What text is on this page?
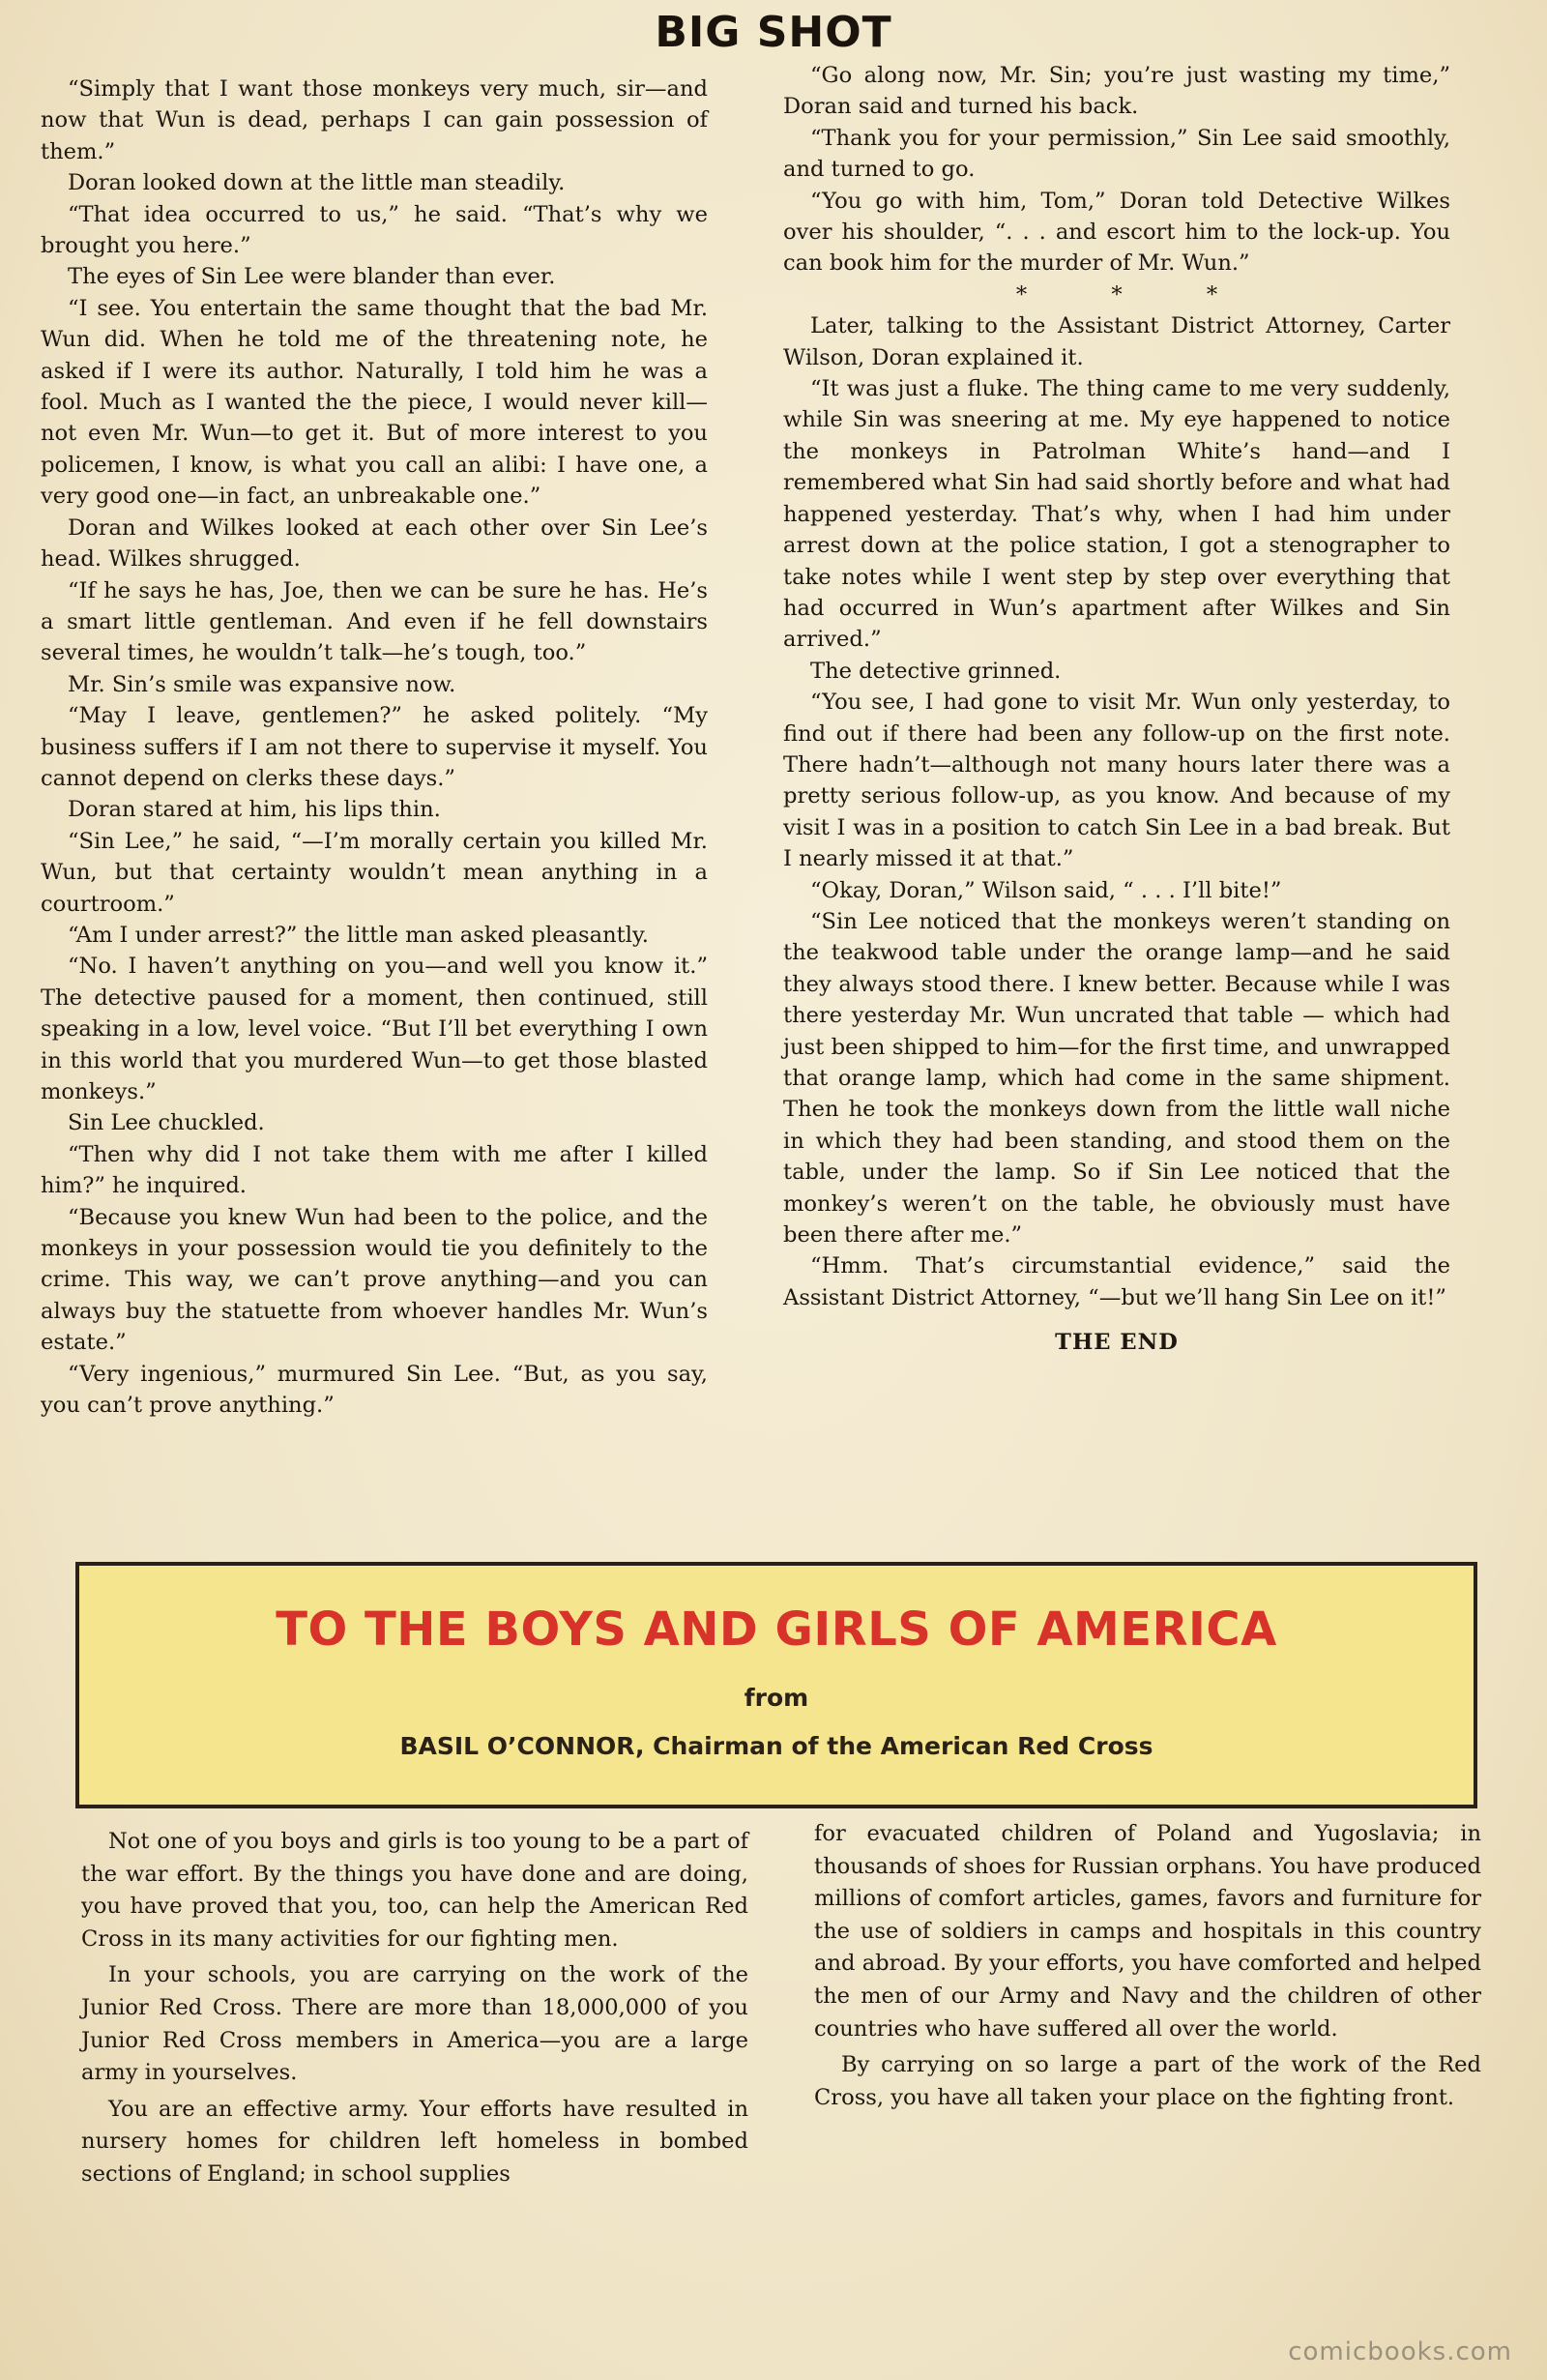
BIG SHOT

“Simply that I want those monkeys very much, sir—and now that Wun is dead, perhaps I can gain possession of them.”

Doran looked down at the little man steadily.

“That idea occurred to us,” he said. “That’s why we brought you here.”

The eyes of Sin Lee were blander than ever.

“I see. You entertain the same thought that the bad Mr. Wun did. When he told me of the threatening note, he asked if I were its author. Naturally, I told him he was a fool. Much as I wanted the the piece, I would never kill—not even Mr. Wun—to get it. But of more interest to you policemen, I know, is what you call an alibi: I have one, a very good one—in fact, an unbreakable one.”

Doran and Wilkes looked at each other over Sin Lee’s head. Wilkes shrugged.

“If he says he has, Joe, then we can be sure he has. He’s a smart little gentleman. And even if he fell downstairs several times, he wouldn’t talk—he’s tough, too.”

Mr. Sin’s smile was expansive now.

“May I leave, gentlemen?” he asked politely. “My business suffers if I am not there to supervise it myself. You cannot depend on clerks these days.”

Doran stared at him, his lips thin.

“Sin Lee,” he said, “—I’m morally certain you killed Mr. Wun, but that certainty wouldn’t mean anything in a courtroom.”

“Am I under arrest?” the little man asked pleasantly.

“No. I haven’t anything on you—and well you know it.” The detective paused for a moment, then continued, still speaking in a low, level voice. “But I’ll bet everything I own in this world that you murdered Wun—to get those blasted monkeys.”

Sin Lee chuckled.

“Then why did I not take them with me after I killed him?” he inquired.

“Because you knew Wun had been to the police, and the monkeys in your possession would tie you definitely to the crime. This way, we can’t prove anything—and you can always buy the statuette from whoever handles Mr. Wun’s estate.”

“Very ingenious,” murmured Sin Lee. “But, as you say, you can’t prove anything.”

“Go along now, Mr. Sin; you’re just wasting my time,” Doran said and turned his back.

“Thank you for your permission,” Sin Lee said smoothly, and turned to go.

“You go with him, Tom,” Doran told Detective Wilkes over his shoulder, “. . . and escort him to the lock-up. You can book him for the murder of Mr. Wun.”

* * *

Later, talking to the Assistant District Attorney, Carter Wilson, Doran explained it.

“It was just a fluke. The thing came to me very suddenly, while Sin was sneering at me. My eye happened to notice the monkeys in Patrolman White’s hand—and I remembered what Sin had said shortly before and what had happened yesterday. That’s why, when I had him under arrest down at the police station, I got a stenographer to take notes while I went step by step over everything that had occurred in Wun’s apartment after Wilkes and Sin arrived.”

The detective grinned.

“You see, I had gone to visit Mr. Wun only yesterday, to find out if there had been any follow-up on the first note. There hadn’t—although not many hours later there was a pretty serious follow-up, as you know. And because of my visit I was in a position to catch Sin Lee in a bad break. But I nearly missed it at that.”

“Okay, Doran,” Wilson said, “ . . . I’ll bite!”

“Sin Lee noticed that the monkeys weren’t standing on the teakwood table under the orange lamp—and he said they always stood there. I knew better. Because while I was there yesterday Mr. Wun uncrated that table — which had just been shipped to him—for the first time, and unwrapped that orange lamp, which had come in the same shipment. Then he took the monkeys down from the little wall niche in which they had been standing, and stood them on the table, under the lamp. So if Sin Lee noticed that the monkey’s weren’t on the table, he obviously must have been there after me.”

“Hmm. That’s circumstantial evidence,” said the Assistant District Attorney, “—but we’ll hang Sin Lee on it!”

THE END

TO THE BOYS AND GIRLS OF AMERICA
from
BASIL O’CONNOR, Chairman of the American Red Cross

Not one of you boys and girls is too young to be a part of the war effort. By the things you have done and are doing, you have proved that you, too, can help the American Red Cross in its many activities for our fighting men.

In your schools, you are carrying on the work of the Junior Red Cross. There are more than 18,000,000 of you Junior Red Cross members in America—you are a large army in yourselves.

You are an effective army. Your efforts have resulted in nursery homes for children left homeless in bombed sections of England; in school supplies

for evacuated children of Poland and Yugoslavia; in thousands of shoes for Russian orphans. You have produced millions of comfort articles, games, favors and furniture for the use of soldiers in camps and hospitals in this country and abroad. By your efforts, you have comforted and helped the men of our Army and Navy and the children of other countries who have suffered all over the world.

By carrying on so large a part of the work of the Red Cross, you have all taken your place on the fighting front.

comicbooks.com
